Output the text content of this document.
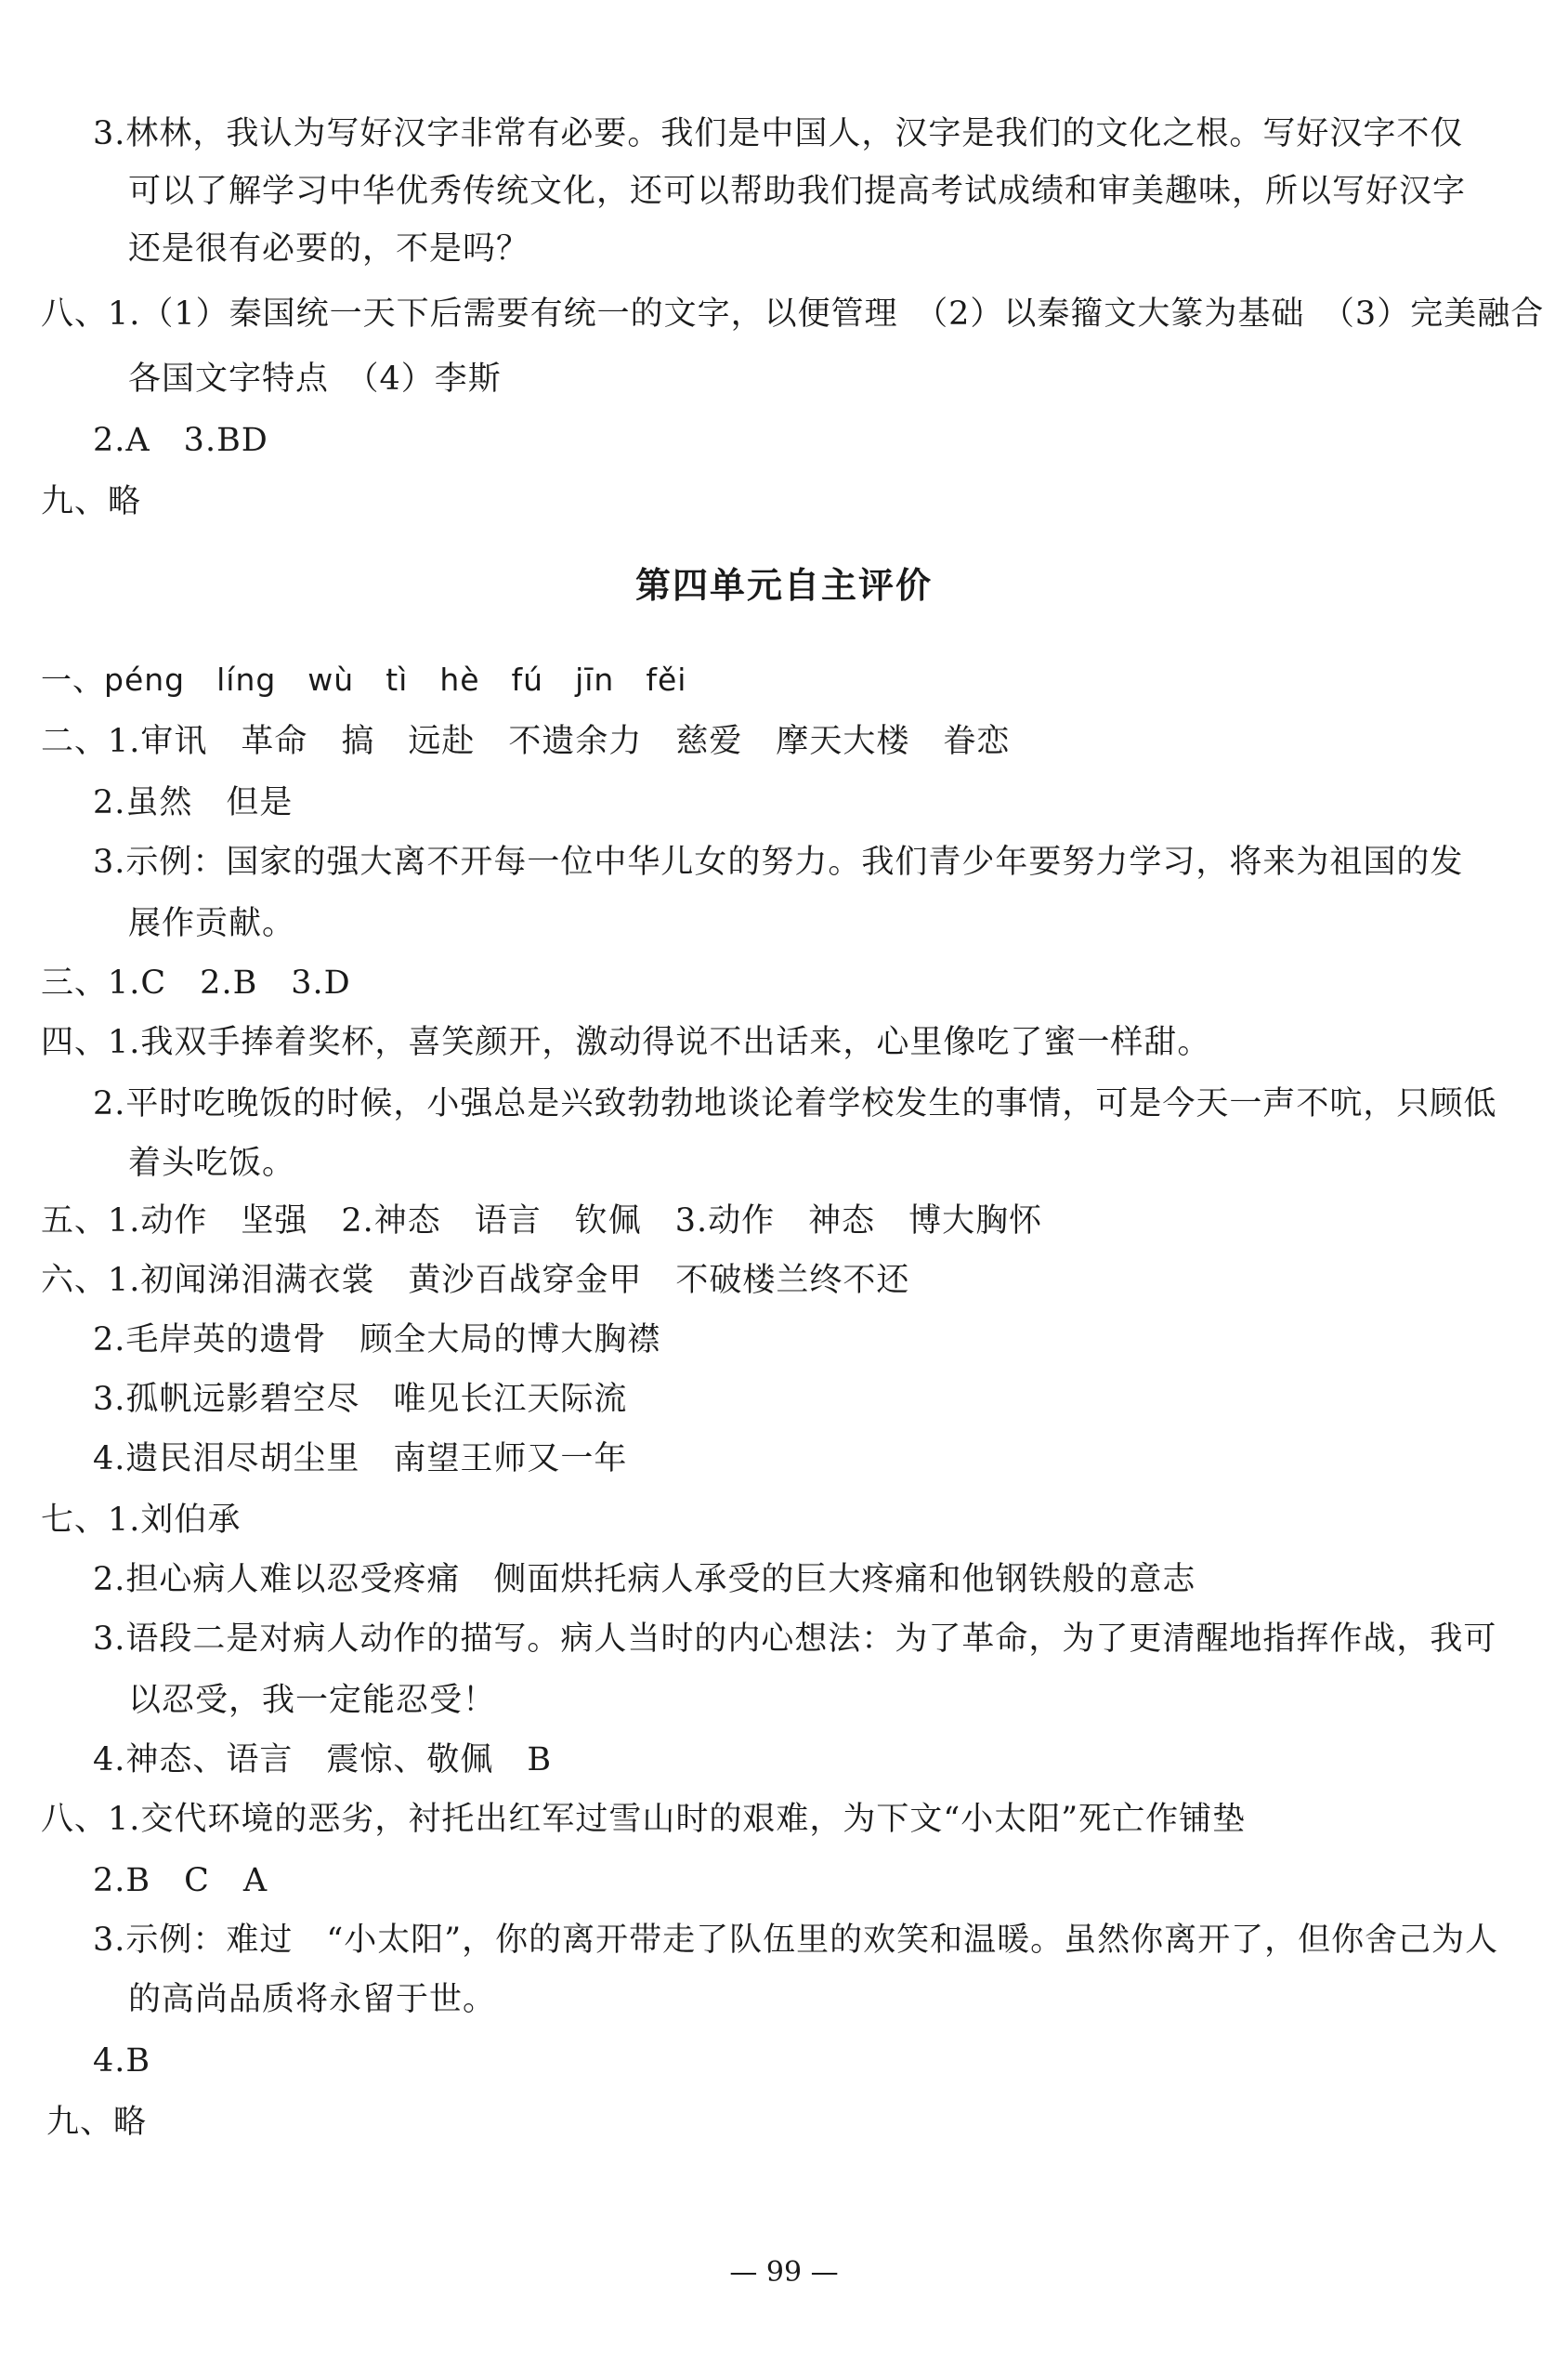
3.林林，我认为写好汉字非常有必要。我们是中国人，汉字是我们的文化之根。写好汉字不仅
可以了解学习中华优秀传统文化，还可以帮助我们提高考试成绩和审美趣味，所以写好汉字
还是很有必要的，不是吗？
八、1.（1）秦国统一天下后需要有统一的文字，以便管理　（2）以秦籀文大篆为基础　（3）完美融合
各国文字特点　（4）李斯
2.A　3.BD
九、略
第四单元自主评价
一、péng　líng　wù　tì　hè　fú　jīn　fěi
二、1.审讯　革命　搞　远赴　不遗余力　慈爱　摩天大楼　眷恋
2.虽然　但是
3.示例：国家的强大离不开每一位中华儿女的努力。我们青少年要努力学习，将来为祖国的发
展作贡献。
三、1.C　2.B　3.D
四、1.我双手捧着奖杯，喜笑颜开，激动得说不出话来，心里像吃了蜜一样甜。
2.平时吃晚饭的时候，小强总是兴致勃勃地谈论着学校发生的事情，可是今天一声不吭，只顾低
着头吃饭。
五、1.动作　坚强　2.神态　语言　钦佩　3.动作　神态　博大胸怀
六、1.初闻涕泪满衣裳　黄沙百战穿金甲　不破楼兰终不还
2.毛岸英的遗骨　顾全大局的博大胸襟
3.孤帆远影碧空尽　唯见长江天际流
4.遗民泪尽胡尘里　南望王师又一年
七、1.刘伯承
2.担心病人难以忍受疼痛　侧面烘托病人承受的巨大疼痛和他钢铁般的意志
3.语段二是对病人动作的描写。病人当时的内心想法：为了革命，为了更清醒地指挥作战，我可
以忍受，我一定能忍受！
4.神态、语言　震惊、敬佩　B
八、1.交代环境的恶劣，衬托出红军过雪山时的艰难，为下文“小太阳”死亡作铺垫
2.B　C　A
3.示例：难过　“小太阳”，你的离开带走了队伍里的欢笑和温暖。虽然你离开了，但你舍己为人
的高尚品质将永留于世。
4.B
九、略
— 99 —
